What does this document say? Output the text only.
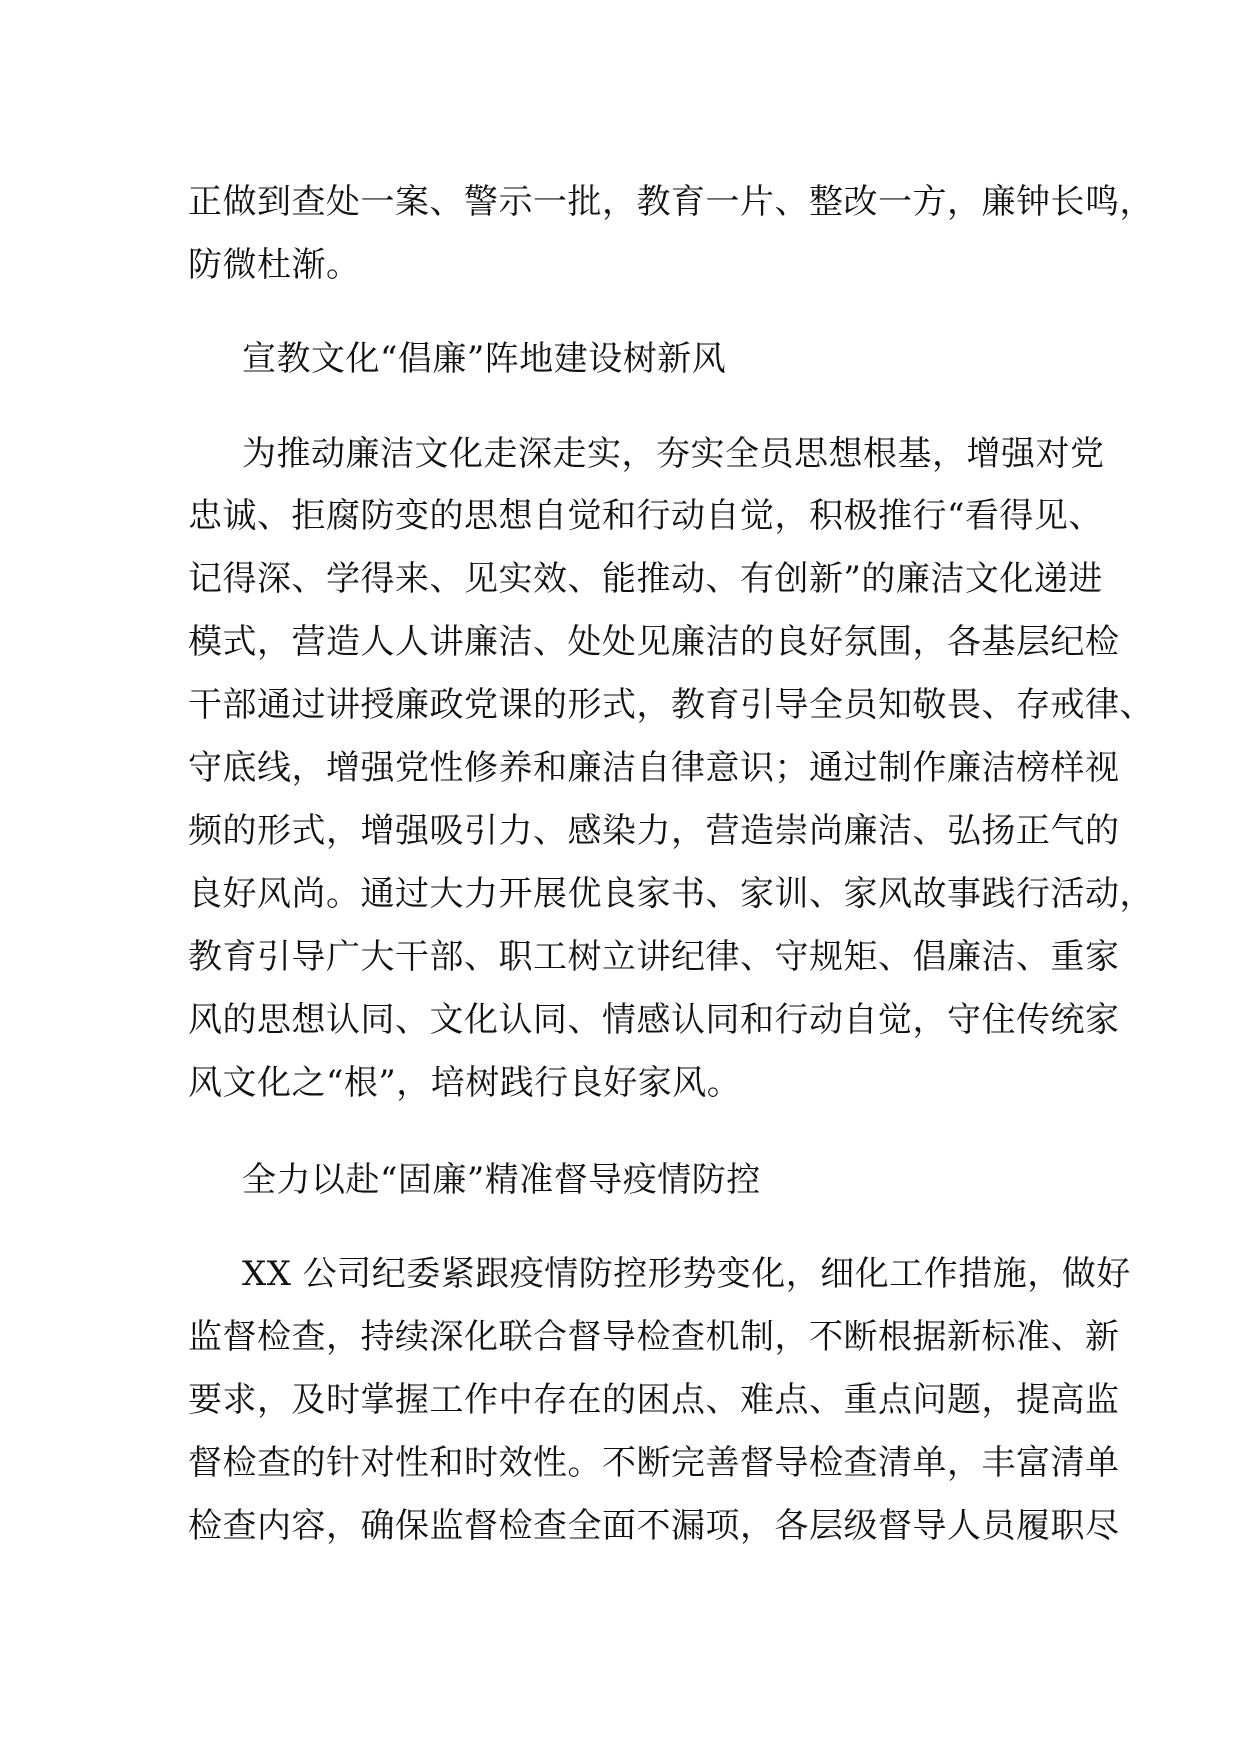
正做到查处一案、警示一批，教育一片、整改一方，廉钟长鸣，
防微杜渐。
宣教文化“倡廉”阵地建设树新风
为推动廉洁文化走深走实，夯实全员思想根基，增强对党
忠诚、拒腐防变的思想自觉和行动自觉，积极推行“看得见、
记得深、学得来、见实效、能推动、有创新”的廉洁文化递进
模式，营造人人讲廉洁、处处见廉洁的良好氛围，各基层纪检
干部通过讲授廉政党课的形式，教育引导全员知敬畏、存戒律、
守底线，增强党性修养和廉洁自律意识；通过制作廉洁榜样视
频的形式，增强吸引力、感染力，营造崇尚廉洁、弘扬正气的
良好风尚。通过大力开展优良家书、家训、家风故事践行活动，
教育引导广大干部、职工树立讲纪律、守规矩、倡廉洁、重家
风的思想认同、文化认同、情感认同和行动自觉，守住传统家
风文化之“根”，培树践行良好家风。
全力以赴“固廉”精准督导疫情防控
XX 公司纪委紧跟疫情防控形势变化，细化工作措施，做好
监督检查，持续深化联合督导检查机制，不断根据新标准、新
要求，及时掌握工作中存在的困点、难点、重点问题，提高监
督检查的针对性和时效性。不断完善督导检查清单，丰富清单
检查内容，确保监督检查全面不漏项，各层级督导人员履职尽
